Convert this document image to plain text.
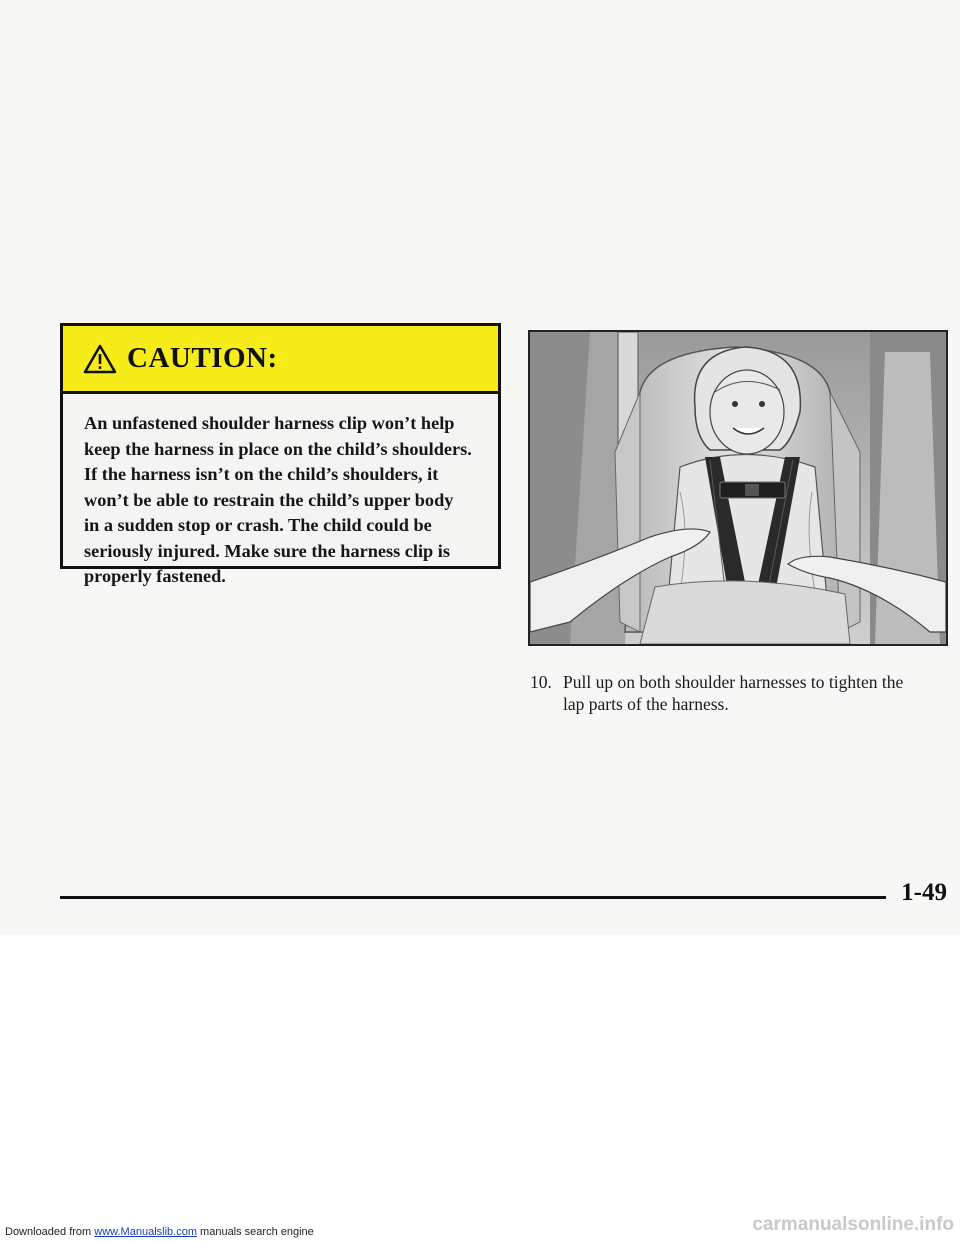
CAUTION:

An unfastened shoulder harness clip won’t help

keep the harness in place on the child’s shoulders.

If the harness isn’t on the child’s shoulders, it

won’t be able to restrain the child’s upper body

in a sudden stop or crash. The child could be

seriously injured. Make sure the harness clip is

properly fastened.

10. Pull up on both shoulder harnesses to tighten the
lap parts of the harness.
1-49
Downloaded from www.Manualslib.com manuals search engine	carmanualsonline.info
